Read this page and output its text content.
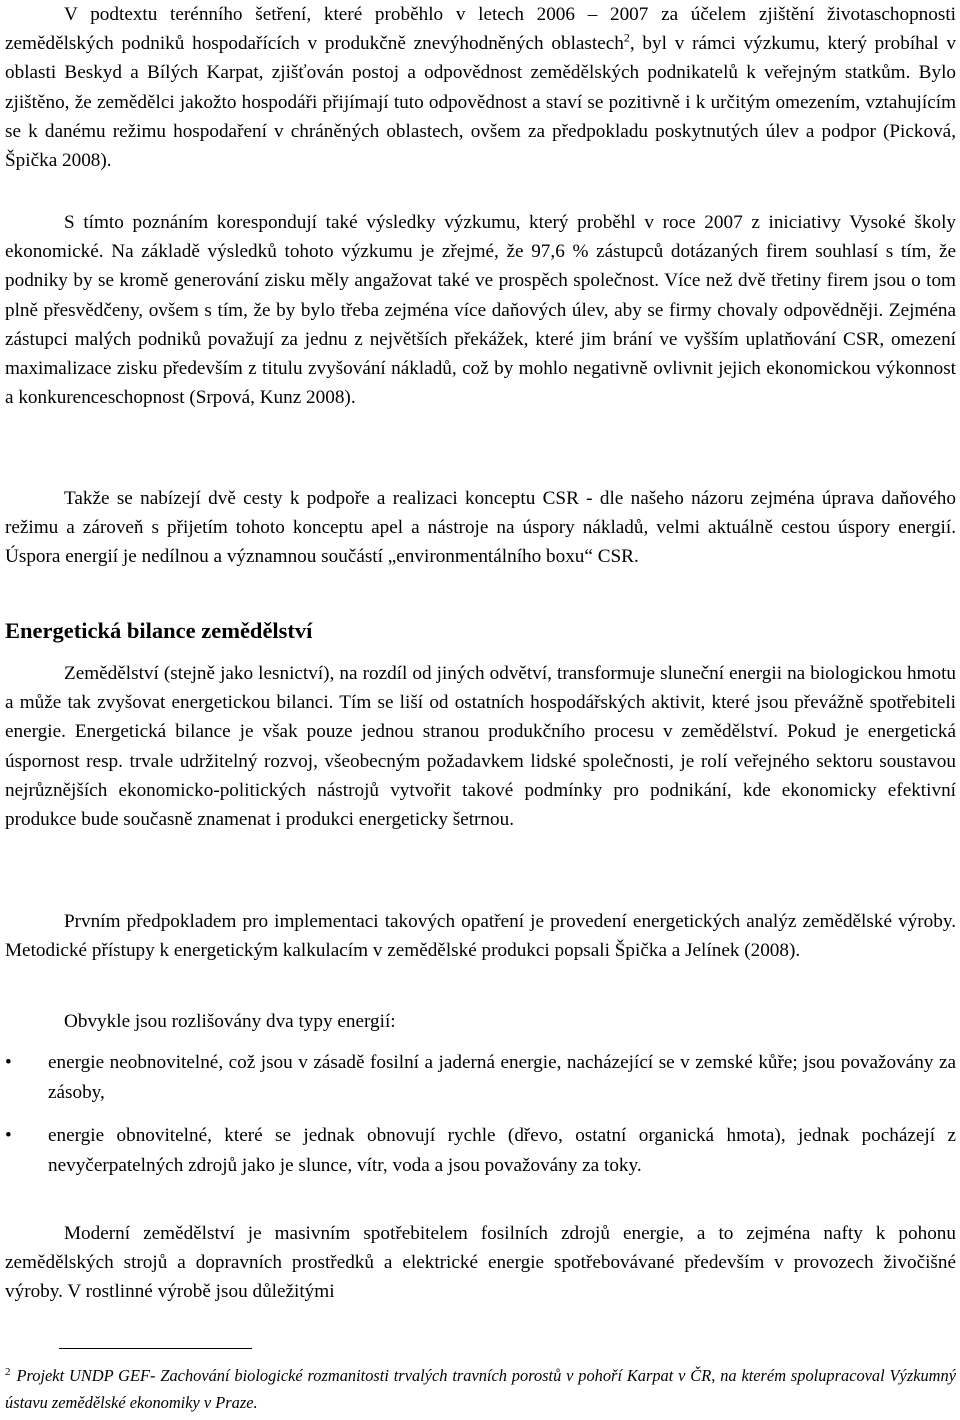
V podtextu terénního šetření, které proběhlo v letech 2006 – 2007 za účelem zjištění životaschopnosti zemědělských podniků hospodařících v produkčně znevýhodněných oblastech$^2$, byl v rámci výzkumu, který probíhal v oblasti Beskyd a Bílých Karpat, zjišťován postoj a odpovědnost zemědělských podnikatelů k veřejným statkům. Bylo zjištěno, že zemědělci jakožto hospodáři přijímají tuto odpovědnost a staví se pozitivně i k určitým omezením, vztahujícím se k danému režimu hospodaření v chráněných oblastech, ovšem za předpokladu poskytnutých úlev a podpor (Picková, Špička 2008).

S tímto poznáním korespondují také výsledky výzkumu, který proběhl v roce 2007 z iniciativy Vysoké školy ekonomické. Na základě výsledků tohoto výzkumu je zřejmé, že 97,6 % zástupců dotázaných firem souhlasí s tím, že podniky by se kromě generování zisku měly angažovat také ve prospěch společnost. Více než dvě třetiny firem jsou o tom plně přesvědčeny, ovšem s tím, že by bylo třeba zejména více daňových úlev, aby se firmy chovaly odpovědněji. Zejména zástupci malých podniků považují za jednu z největších překážek, které jim brání ve vyšším uplatňování CSR, omezení maximalizace zisku především z titulu zvyšování nákladů, což by mohlo negativně ovlivnit jejich ekonomickou výkonnost a konkurenceschopnost (Srpová, Kunz 2008).

Takže se nabízejí dvě cesty k podpoře a realizaci konceptu CSR - dle našeho názoru zejména úprava daňového režimu a zároveň s přijetím tohoto konceptu apel a nástroje na úspory nákladů, velmi aktuálně cestou úspory energií. Úspora energií je nedílnou a významnou součástí „environmentálního boxu“ CSR.

Energetická bilance zemědělství

Zemědělství (stejně jako lesnictví), na rozdíl od jiných odvětví, transformuje sluneční energii na biologickou hmotu a může tak zvyšovat energetickou bilanci. Tím se liší od ostatních hospodářských aktivit, které jsou převážně spotřebiteli energie. Energetická bilance je však pouze jednou stranou produkčního procesu v zemědělství. Pokud je energetická úspornost resp. trvale udržitelný rozvoj, všeobecným požadavkem lidské společnosti, je rolí veřejného sektoru soustavou nejrůznějších ekonomicko-politických nástrojů vytvořit takové podmínky pro podnikání, kde ekonomicky efektivní produkce bude současně znamenat i produkci energeticky šetrnou.

Prvním předpokladem pro implementaci takových opatření je provedení energetických analýz zemědělské výroby. Metodické přístupy k energetickým kalkulacím v zemědělské produkci popsali Špička a Jelínek (2008).

Obvykle jsou rozlišovány dva typy energií:

•	energie neobnovitelné, což jsou v zásadě fosilní a jaderná energie, nacházející se v zemské kůře; jsou považovány za zásoby,
•	energie obnovitelné, které se jednak obnovují rychle (dřevo, ostatní organická hmota), jednak pocházejí z nevyčerpatelných zdrojů jako je slunce, vítr, voda a jsou považovány za toky.

Moderní zemědělství je masivním spotřebitelem fosilních zdrojů energie, a to zejména nafty k pohonu zemědělských strojů a dopravních prostředků a elektrické energie spotřebovávané především v provozech živočišné výroby. V rostlinné výrobě jsou důležitými

$^2$ Projekt UNDP GEF- Zachování biologické rozmanitosti trvalých travních porostů v pohoří Karpat v ČR, na kterém spolupracoval Výzkumný ústavu zemědělské ekonomiky v Praze.
